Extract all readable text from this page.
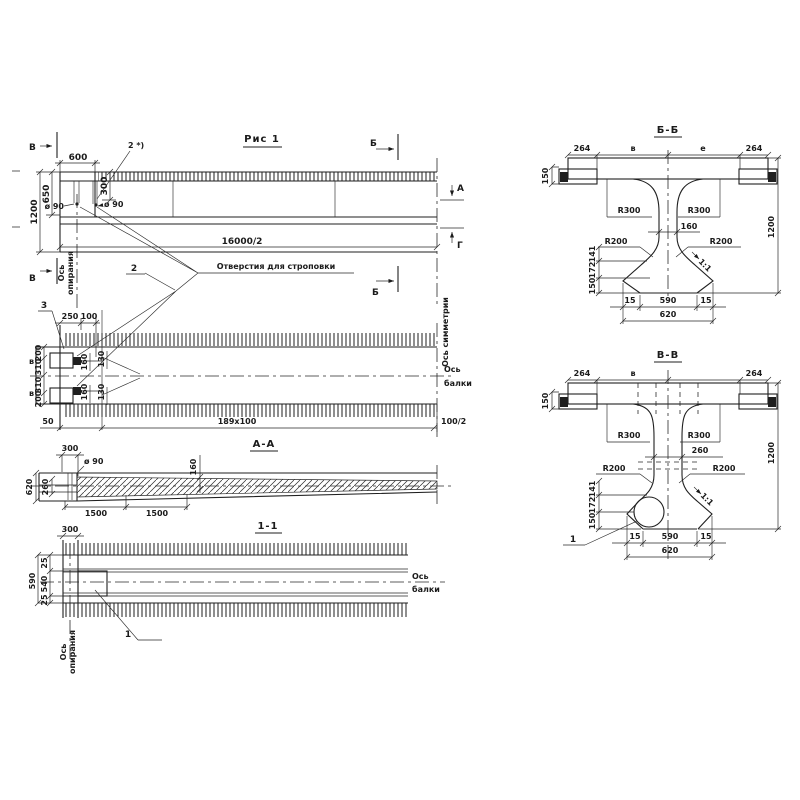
Рис 1
600
1200
650	300
ø 90	ø 90
2 *)
16000/2
Ось опирания	Отверстия для строповки
2
В
В
Б
Б
А
Г
3
250 100
200
310
310
200
в
в
160
160
130
130
50	189х100	100/2
Ось симметрии
Ось
балки
А-А
300
620 260
ø 90	160
1500	1500
1-1
300
25
540
25
590
1
Ось опирания
Ось
балки
Б-Б
264	в	е	264
150
R300	R300
160
R200	R200
141
172
150
1:1
1200
15	590	15
620
В-В
264	в	264
150
R300	R300
260
R200	R200
141
172
150
1:1
1200
15	590	15
620
1
